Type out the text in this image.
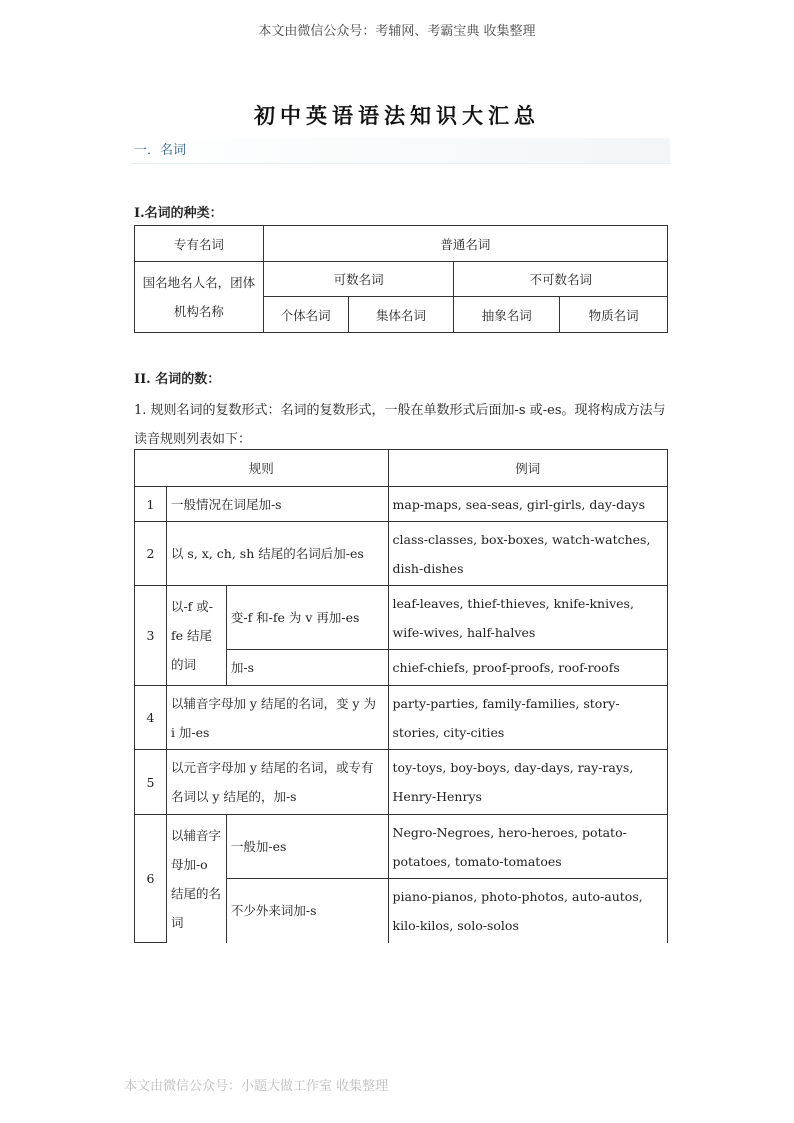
本文由微信公众号：考辅网、考霸宝典 收集整理
初中英语语法知识大汇总
一．名词
I.名词的种类：
专有名词	普通名词			
国名地名人名，团体机构名称	可数名词		不可数名词	
	个体名词	集体名词	抽象名词	物质名词
II. 名词的数：
1. 规则名词的复数形式：名词的复数形式，一般在单数形式后面加-s 或-es。现将构成方法与读音规则列表如下：
规则			例词
1	一般情况在词尾加-s		map-maps, sea-seas, girl-girls, day-days
2	以 s, x, ch, sh 结尾的名词后加-es		class-classes, box-boxes, watch-watches, dish-dishes
3	以-f 或-fe 结尾的词	变-f 和-fe 为 v 再加-es	leaf-leaves, thief-thieves, knife-knives, wife-wives, half-halves
		加-s	chief-chiefs, proof-proofs, roof-roofs
4	以辅音字母加 y 结尾的名词，变 y 为 i 加-es		party-parties, family-families, story-stories, city-cities
5	以元音字母加 y 结尾的名词，或专有名词以 y 结尾的，加-s		toy-toys, boy-boys, day-days, ray-rays, Henry-Henrys
6	以辅音字母加-o 结尾的名词	一般加-es	Negro-Negroes, hero-heroes, potato-potatoes, tomato-tomatoes
		不少外来词加-s	piano-pianos, photo-photos, auto-autos, kilo-kilos, solo-solos
本文由微信公众号：小题大做工作室 收集整理
